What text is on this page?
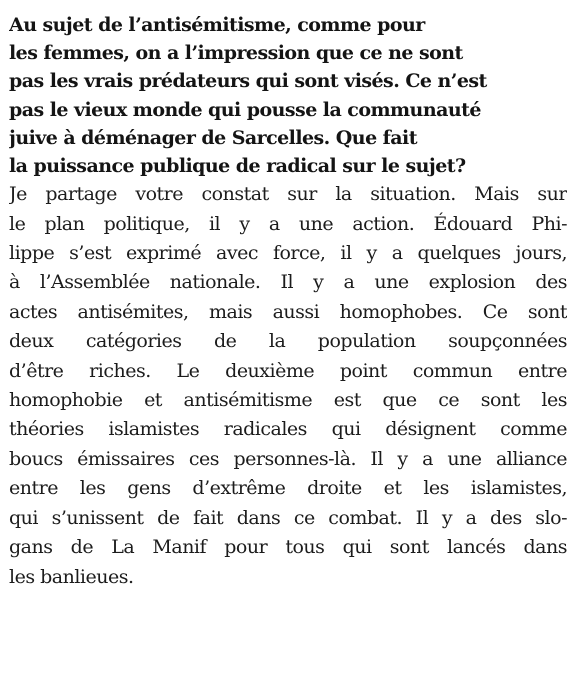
Au sujet de l’antisémitisme, comme pour
les femmes, on a l’impression que ce ne sont
pas les vrais prédateurs qui sont visés. Ce n’est
pas le vieux monde qui pousse la communauté
juive à déménager de Sarcelles. Que fait
la puissance publique de radical sur le sujet?
Je partage votre constat sur la situation. Mais sur
le plan politique, il y a une action. Édouard Phi-
lippe s’est exprimé avec force, il y a quelques jours,
à l’Assemblée nationale. Il y a une explosion des
actes antisémites, mais aussi homophobes. Ce sont
deux catégories de la population soupçonnées
d’être riches. Le deuxième point commun entre
homophobie et antisémitisme est que ce sont les
théories islamistes radicales qui désignent comme
boucs émissaires ces personnes-là. Il y a une alliance
entre les gens d’extrême droite et les islamistes,
qui s’unissent de fait dans ce combat. Il y a des slo-
gans de La Manif pour tous qui sont lancés dans
les banlieues.
